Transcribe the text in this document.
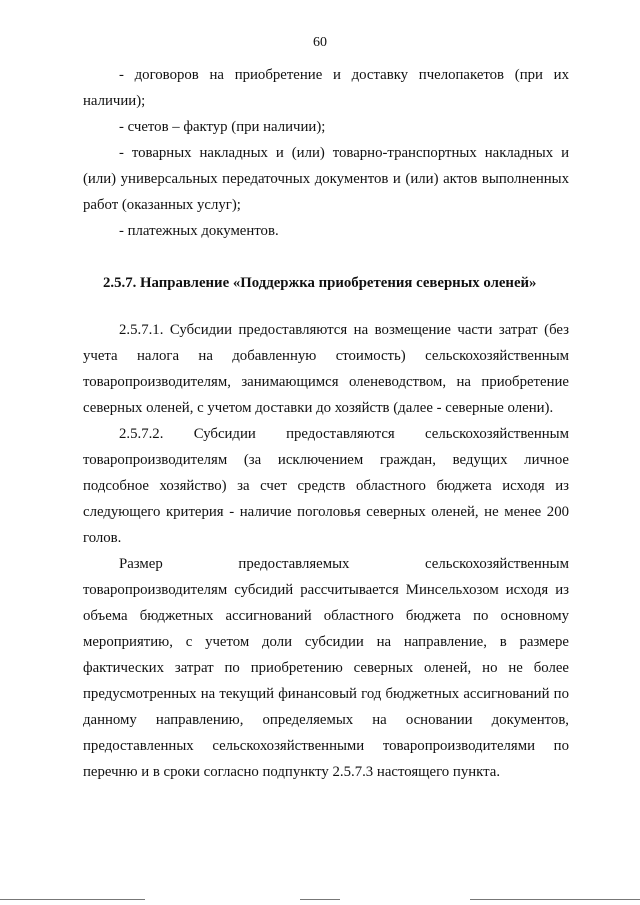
60

- договоров на приобретение и доставку пчелопакетов (при их наличии);

- счетов – фактур (при наличии);

- товарных накладных и (или) товарно-транспортных накладных и (или) универсальных передаточных документов и (или) актов выполненных работ (оказанных услуг);

- платежных документов.

2.5.7. Направление «Поддержка приобретения северных оленей»

2.5.7.1. Субсидии предоставляются на возмещение части затрат (без учета налога на добавленную стоимость) сельскохозяйственным товаропроизводителям, занимающимся оленеводством, на приобретение северных оленей, с учетом доставки до хозяйств (далее - северные олени).

2.5.7.2. Субсидии предоставляются сельскохозяйственным товаропроизводителям (за исключением граждан, ведущих личное подсобное хозяйство) за счет средств областного бюджета исходя из следующего критерия - наличие поголовья северных оленей, не менее 200 голов.

Размер предоставляемых сельскохозяйственным товаропроизводителям субсидий рассчитывается Минсельхозом исходя из объема бюджетных ассигнований областного бюджета по основному мероприятию, с учетом доли субсидии на направление, в размере фактических затрат по приобретению северных оленей, но не более предусмотренных на текущий финансовый год бюджетных ассигнований по данному направлению, определяемых на основании документов, предоставленных сельскохозяйственными товаропроизводителями по перечню и в сроки согласно подпункту 2.5.7.3 настоящего пункта.
